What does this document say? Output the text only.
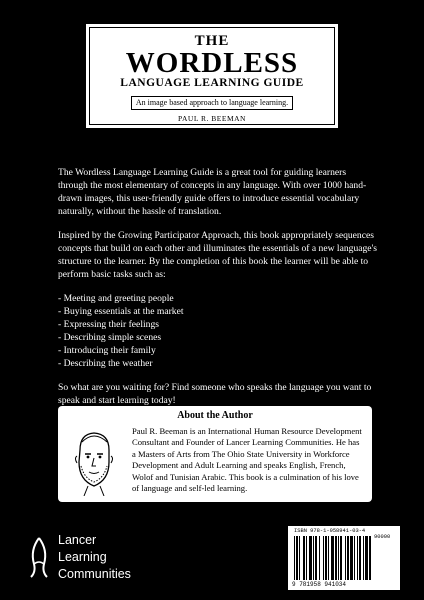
THE
WORDLESS
LANGUAGE LEARNING GUIDE
An image based approach to language learning.
PAUL R. BEEMAN

The Wordless Language Learning Guide is a great tool for guiding learners through the most elementary of concepts in any language. With over 1000 hand-drawn images, this user-friendly guide offers to introduce essential vocabulary naturally, without the hassle of translation.

Inspired by the Growing Participator Approach, this book appropriately sequences concepts that build on each other and illuminates the essentials of a new language's structure to the learner. By the completion of this book the learner will be able to perform basic tasks such as:

- Meeting and greeting people
- Buying essentials at the market
- Expressing their feelings
- Describing simple scenes
- Introducing their family
- Describing the weather

So what are you waiting for? Find someone who speaks the language you want to speak and start learning today!

About the Author
Paul R. Beeman is an International Human Resource Development Consultant and Founder of Lancer Learning Communities. He has a Masters of Arts from The Ohio State University in Workforce Development and Adult Learning and speaks English, French, Wolof and Tunisian Arabic. This book is a culmination of his love of language and self-led learning.
Lancer
Learning
Communities
ISBN 978-1-958941-03-4
90000
9 781958 941034
